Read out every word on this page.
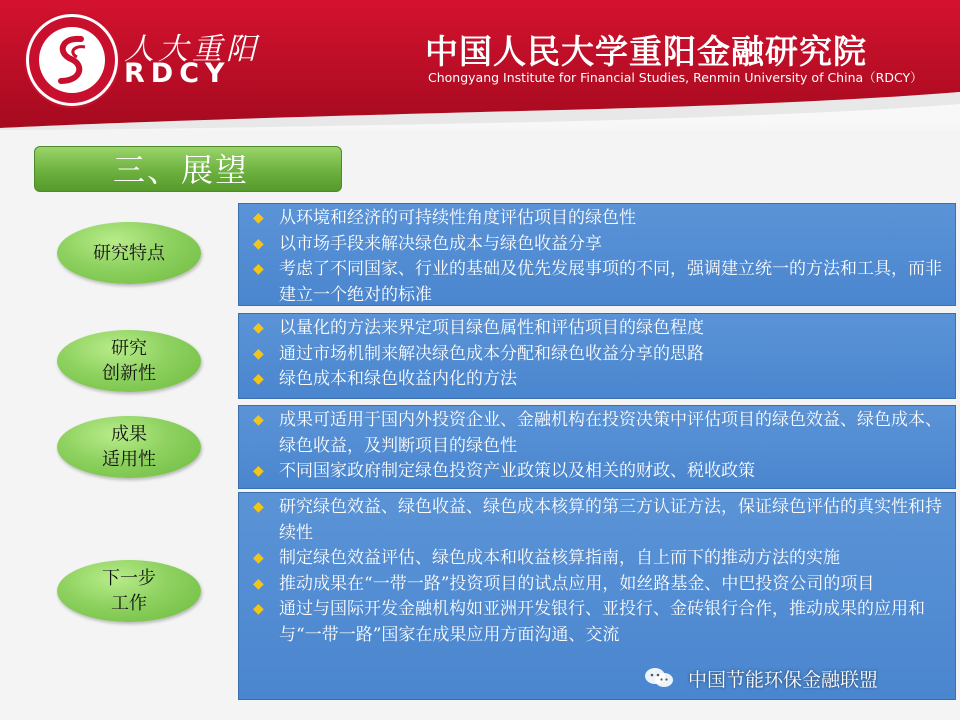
人大重阳
RDCY
中国人民大学重阳金融研究院
Chongyang Institute for Financial Studies, Renmin University of China（RDCY）
三、展望
研究特点
◆ 从环境和经济的可持续性角度评估项目的绿色性
◆ 以市场手段来解决绿色成本与绿色收益分享
◆ 考虑了不同国家、行业的基础及优先发展事项的不同，强调建立统一的方法和工具，而非建立一个绝对的标准
研究
创新性
◆ 以量化的方法来界定项目绿色属性和评估项目的绿色程度
◆ 通过市场机制来解决绿色成本分配和绿色收益分享的思路
◆ 绿色成本和绿色收益内化的方法
成果
适用性
◆ 成果可适用于国内外投资企业、金融机构在投资决策中评估项目的绿色效益、绿色成本、绿色收益，及判断项目的绿色性
◆ 不同国家政府制定绿色投资产业政策以及相关的财政、税收政策
下一步
工作
◆ 研究绿色效益、绿色收益、绿色成本核算的第三方认证方法，保证绿色评估的真实性和持续性
◆ 制定绿色效益评估、绿色成本和收益核算指南，自上而下的推动方法的实施
◆ 推动成果在“一带一路”投资项目的试点应用，如丝路基金、中巴投资公司的项目
◆ 通过与国际开发金融机构如亚洲开发银行、亚投行、金砖银行合作，推动成果的应用和与“一带一路”国家在成果应用方面沟通、交流
中国节能环保金融联盟
